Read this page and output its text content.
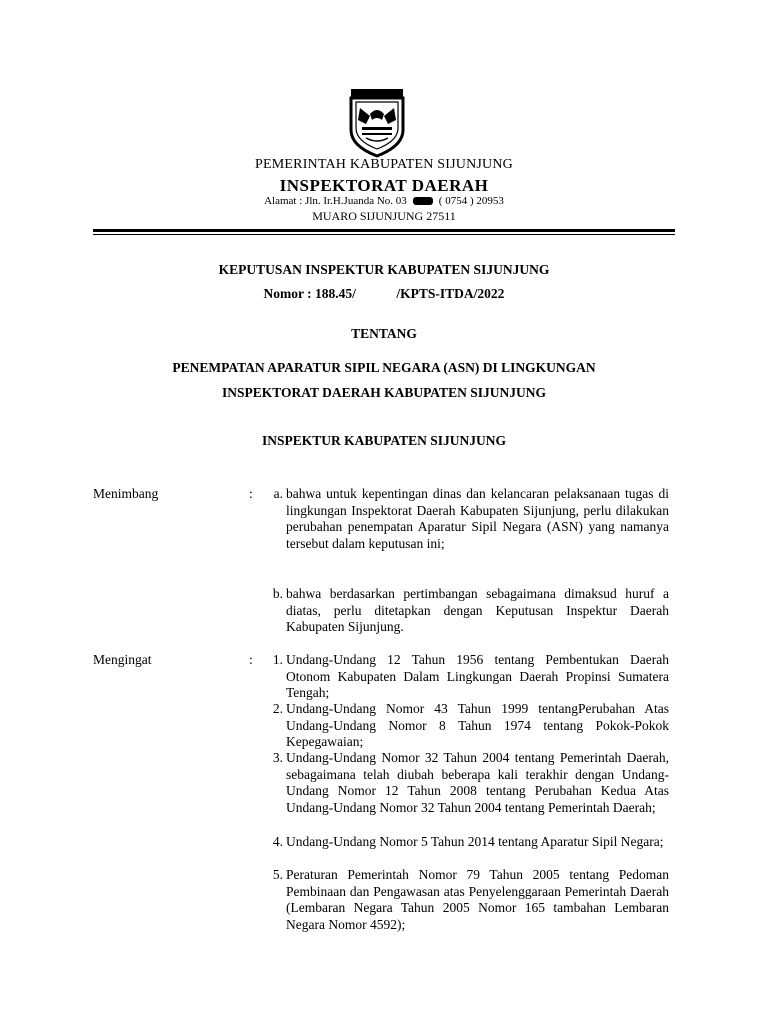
PEMERINTAH KABUPATEN SIJUNJUNG
INSPEKTORAT DAERAH
Alamat : Jln. Ir.H.Juanda No. 03	( 0754 ) 20953
MUARO SIJUNJUNG 27511
KEPUTUSAN INSPEKTUR KABUPATEN SIJUNJUNG
Nomor : 188.45/            /KPTS-ITDA/2022
TENTANG
PENEMPATAN APARATUR SIPIL NEGARA (ASN) DI LINGKUNGAN
INSPEKTORAT DAERAH KABUPATEN SIJUNJUNG
INSPEKTUR KABUPATEN SIJUNJUNG
Menimbang	:	a. bahwa untuk kepentingan dinas dan kelancaran pelaksanaan tugas di lingkungan Inspektorat Daerah Kabupaten Sijunjung, perlu dilakukan perubahan penempatan Aparatur Sipil Negara (ASN) yang namanya tersebut dalam keputusan ini;
b. bahwa berdasarkan pertimbangan sebagaimana dimaksud huruf a diatas, perlu ditetapkan dengan Keputusan Inspektur Daerah Kabupaten Sijunjung.
Mengingat	:	1. Undang-Undang 12 Tahun 1956 tentang Pembentukan Daerah Otonom Kabupaten Dalam Lingkungan Daerah Propinsi Sumatera Tengah;
2. Undang-Undang Nomor 43 Tahun 1999 tentangPerubahan Atas Undang-Undang Nomor 8 Tahun 1974 tentang Pokok-Pokok Kepegawaian;
3. Undang-Undang Nomor 32 Tahun 2004 tentang Pemerintah Daerah, sebagaimana telah diubah beberapa kali terakhir dengan Undang-Undang Nomor 12 Tahun 2008 tentang Perubahan Kedua Atas Undang-Undang Nomor 32 Tahun 2004 tentang Pemerintah Daerah;
4. Undang-Undang Nomor 5 Tahun 2014 tentang Aparatur Sipil Negara;
5. Peraturan Pemerintah Nomor 79 Tahun 2005 tentang Pedoman Pembinaan dan Pengawasan atas Penyelenggaraan Pemerintah Daerah (Lembaran Negara Tahun 2005 Nomor 165 tambahan Lembaran Negara Nomor 4592);
